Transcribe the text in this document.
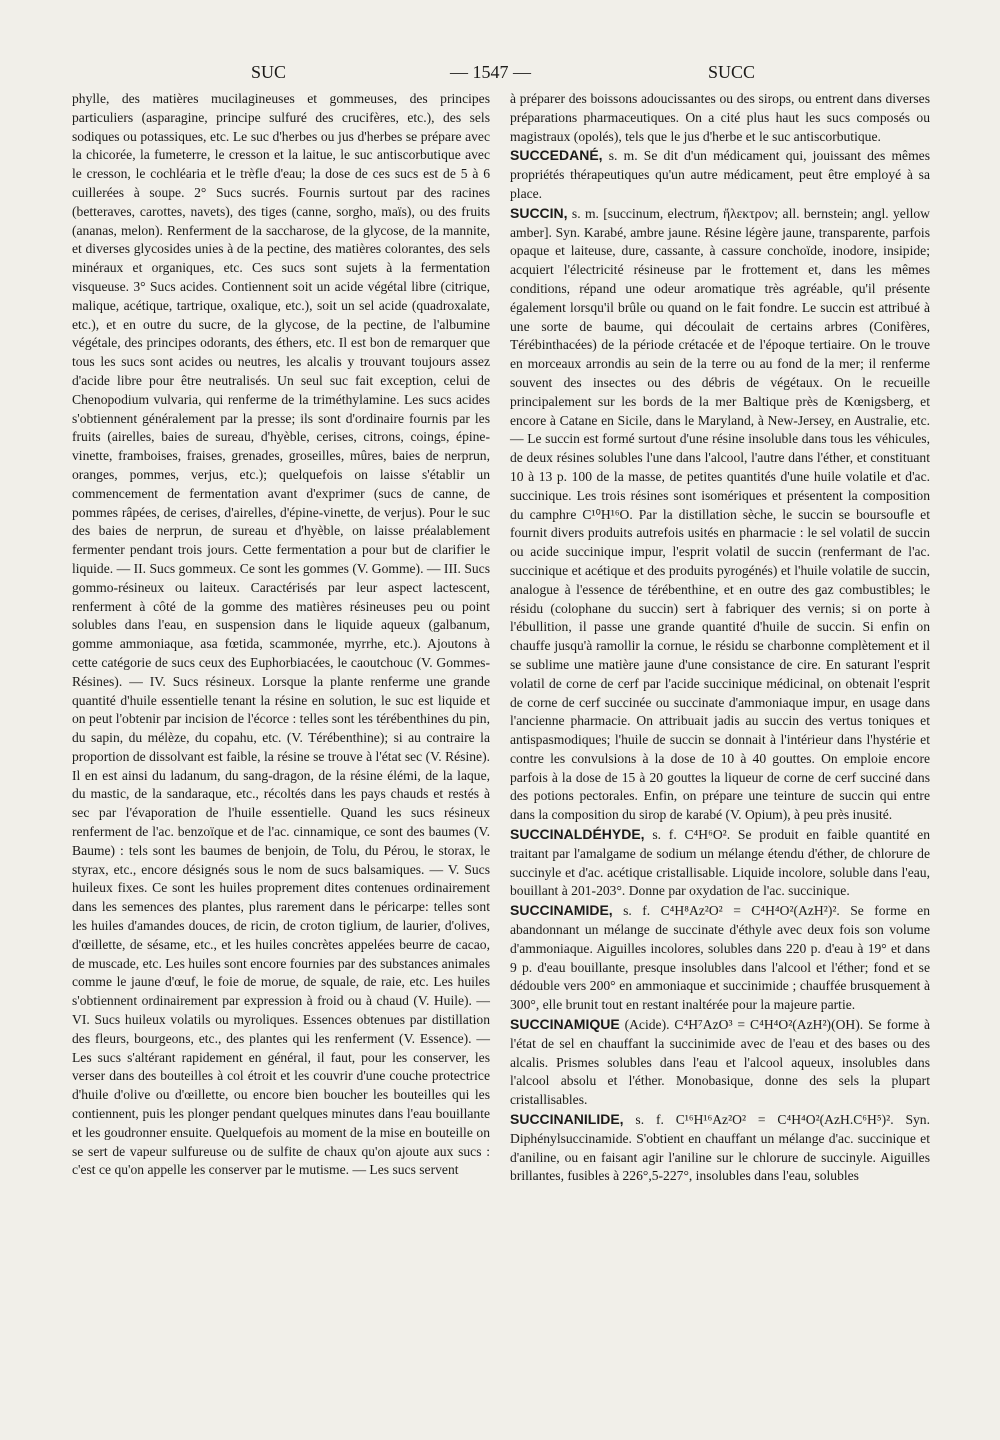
SUC	— 1547 —	SUCC

phylle, des matières mucilagineuses et gommeuses, des principes particuliers (asparagine, principe sulfuré des crucifères, etc.), des sels sodiques ou potassiques, etc. Le suc d'herbes ou jus d'herbes se prépare avec la chicorée, la fumeterre, le cresson et la laitue, le suc antiscorbutique avec le cresson, le cochléaria et le trèfle d'eau; la dose de ces sucs est de 5 à 6 cuillerées à soupe. 2° Sucs sucrés. Fournis surtout par des racines (betteraves, carottes, navets), des tiges (canne, sorgho, maïs), ou des fruits (ananas, melon). Renferment de la saccharose, de la glycose, de la mannite, et diverses glycosides unies à de la pectine, des matières colorantes, des sels minéraux et organiques, etc. Ces sucs sont sujets à la fermentation visqueuse. 3° Sucs acides. Contiennent soit un acide végétal libre (citrique, malique, acétique, tartrique, oxalique, etc.), soit un sel acide (quadroxalate, etc.), et en outre du sucre, de la glycose, de la pectine, de l'albumine végétale, des principes odorants, des éthers, etc. Il est bon de remarquer que tous les sucs sont acides ou neutres, les alcalis y trouvant toujours assez d'acide libre pour être neutralisés. Un seul suc fait exception, celui de Chenopodium vulvaria, qui renferme de la triméthylamine. Les sucs acides s'obtiennent généralement par la presse; ils sont d'ordinaire fournis par les fruits (airelles, baies de sureau, d'hyèble, cerises, citrons, coings, épine-vinette, framboises, fraises, grenades, groseilles, mûres, baies de nerprun, oranges, pommes, verjus, etc.); quelquefois on laisse s'établir un commencement de fermentation avant d'exprimer (sucs de canne, de pommes râpées, de cerises, d'airelles, d'épine-vinette, de verjus). Pour le suc des baies de nerprun, de sureau et d'hyèble, on laisse préalablement fermenter pendant trois jours. Cette fermentation a pour but de clarifier le liquide. — II. Sucs gommeux. Ce sont les gommes (V. Gomme). — III. Sucs gommo-résineux ou laiteux. Caractérisés par leur aspect lactescent, renferment à côté de la gomme des matières résineuses peu ou point solubles dans l'eau, en suspension dans le liquide aqueux (galbanum, gomme ammoniaque, asa fœtida, scammonée, myrrhe, etc.). Ajoutons à cette catégorie de sucs ceux des Euphorbiacées, le caoutchouc (V. Gommes-Résines). — IV. Sucs résineux. Lorsque la plante renferme une grande quantité d'huile essentielle tenant la résine en solution, le suc est liquide et on peut l'obtenir par incision de l'écorce : telles sont les térébenthines du pin, du sapin, du mélèze, du copahu, etc. (V. Térébenthine); si au contraire la proportion de dissolvant est faible, la résine se trouve à l'état sec (V. Résine). Il en est ainsi du ladanum, du sang-dragon, de la résine élémi, de la laque, du mastic, de la sandaraque, etc., récoltés dans les pays chauds et restés à sec par l'évaporation de l'huile essentielle. Quand les sucs résineux renferment de l'ac. benzoïque et de l'ac. cinnamique, ce sont des baumes (V. Baume) : tels sont les baumes de benjoin, de Tolu, du Pérou, le storax, le styrax, etc., encore désignés sous le nom de sucs balsamiques. — V. Sucs huileux fixes. Ce sont les huiles proprement dites contenues ordinairement dans les semences des plantes, plus rarement dans le péricarpe: telles sont les huiles d'amandes douces, de ricin, de croton tiglium, de laurier, d'olives, d'œillette, de sésame, etc., et les huiles concrètes appelées beurre de cacao, de muscade, etc. Les huiles sont encore fournies par des substances animales comme le jaune d'œuf, le foie de morue, de squale, de raie, etc. Les huiles s'obtiennent ordinairement par expression à froid ou à chaud (V. Huile). — VI. Sucs huileux volatils ou myroliques. Essences obtenues par distillation des fleurs, bourgeons, etc., des plantes qui les renferment (V. Essence). — Les sucs s'altérant rapidement en général, il faut, pour les conserver, les verser dans des bouteilles à col étroit et les couvrir d'une couche protectrice d'huile d'olive ou d'œillette, ou encore bien boucher les bouteilles qui les contiennent, puis les plonger pendant quelques minutes dans l'eau bouillante et les goudronner ensuite. Quelquefois au moment de la mise en bouteille on se sert de vapeur sulfureuse ou de sulfite de chaux qu'on ajoute aux sucs : c'est ce qu'on appelle les conserver par le mutisme. — Les sucs servent

à préparer des boissons adoucissantes ou des sirops, ou entrent dans diverses préparations pharmaceutiques. On a cité plus haut les sucs composés ou magistraux (opolés), tels que le jus d'herbe et le suc antiscorbutique.

SUCCEDANÉ, s. m. Se dit d'un médicament qui, jouissant des mêmes propriétés thérapeutiques qu'un autre médicament, peut être employé à sa place.

SUCCIN, s. m. [succinum, electrum, ἤλεκτρον; all. bernstein; angl. yellow amber]. Syn. Karabé, ambre jaune. Résine légère jaune, transparente, parfois opaque et laiteuse, dure, cassante, à cassure conchoïde, inodore, insipide; acquiert l'électricité résineuse par le frottement et, dans les mêmes conditions, répand une odeur aromatique très agréable, qu'il présente également lorsqu'il brûle ou quand on le fait fondre. Le succin est attribué à une sorte de baume, qui découlait de certains arbres (Conifères, Térébinthacées) de la période crétacée et de l'époque tertiaire. On le trouve en morceaux arrondis au sein de la terre ou au fond de la mer; il renferme souvent des insectes ou des débris de végétaux. On le recueille principalement sur les bords de la mer Baltique près de Kœnigsberg, et encore à Catane en Sicile, dans le Maryland, à New-Jersey, en Australie, etc. — Le succin est formé surtout d'une résine insoluble dans tous les véhicules, de deux résines solubles l'une dans l'alcool, l'autre dans l'éther, et constituant 10 à 13 p. 100 de la masse, de petites quantités d'une huile volatile et d'ac. succinique. Les trois résines sont isomériques et présentent la composition du camphre C¹⁰H¹⁶O. Par la distillation sèche, le succin se boursoufle et fournit divers produits autrefois usités en pharmacie : le sel volatil de succin ou acide succinique impur, l'esprit volatil de succin (renfermant de l'ac. succinique et acétique et des produits pyrogénés) et l'huile volatile de succin, analogue à l'essence de térébenthine, et en outre des gaz combustibles; le résidu (colophane du succin) sert à fabriquer des vernis; si on porte à l'ébullition, il passe une grande quantité d'huile de succin. Si enfin on chauffe jusqu'à ramollir la cornue, le résidu se charbonne complètement et il se sublime une matière jaune d'une consistance de cire. En saturant l'esprit volatil de corne de cerf par l'acide succinique médicinal, on obtenait l'esprit de corne de cerf succinée ou succinate d'ammoniaque impur, en usage dans l'ancienne pharmacie. On attribuait jadis au succin des vertus toniques et antispasmodiques; l'huile de succin se donnait à l'intérieur dans l'hystérie et contre les convulsions à la dose de 10 à 40 gouttes. On emploie encore parfois à la dose de 15 à 20 gouttes la liqueur de corne de cerf succiné dans des potions pectorales. Enfin, on prépare une teinture de succin qui entre dans la composition du sirop de karabé (V. Opium), à peu près inusité.

SUCCINALDÉHYDE, s. f. C⁴H⁶O². Se produit en faible quantité en traitant par l'amalgame de sodium un mélange étendu d'éther, de chlorure de succinyle et d'ac. acétique cristallisable. Liquide incolore, soluble dans l'eau, bouillant à 201-203°. Donne par oxydation de l'ac. succinique.

SUCCINAMIDE, s. f. C⁴H⁸Az²O² = C⁴H⁴O²(AzH²)². Se forme en abandonnant un mélange de succinate d'éthyle avec deux fois son volume d'ammoniaque. Aiguilles incolores, solubles dans 220 p. d'eau à 19° et dans 9 p. d'eau bouillante, presque insolubles dans l'alcool et l'éther; fond et se dédouble vers 200° en ammoniaque et succinimide ; chauffée brusquement à 300°, elle brunit tout en restant inaltérée pour la majeure partie.

SUCCINAMIQUE (Acide). C⁴H⁷AzO³ = C⁴H⁴O²(AzH²)(OH). Se forme à l'état de sel en chauffant la succinimide avec de l'eau et des bases ou des alcalis. Prismes solubles dans l'eau et l'alcool aqueux, insolubles dans l'alcool absolu et l'éther. Monobasique, donne des sels la plupart cristallisables.

SUCCINANILIDE, s. f. C¹⁶H¹⁶Az²O² = C⁴H⁴O²(AzH.C⁶H⁵)². Syn. Diphénylsuccinamide. S'obtient en chauffant un mélange d'ac. succinique et d'aniline, ou en faisant agir l'aniline sur le chlorure de succinyle. Aiguilles brillantes, fusibles à 226°,5-227°, insolubles dans l'eau, solubles
